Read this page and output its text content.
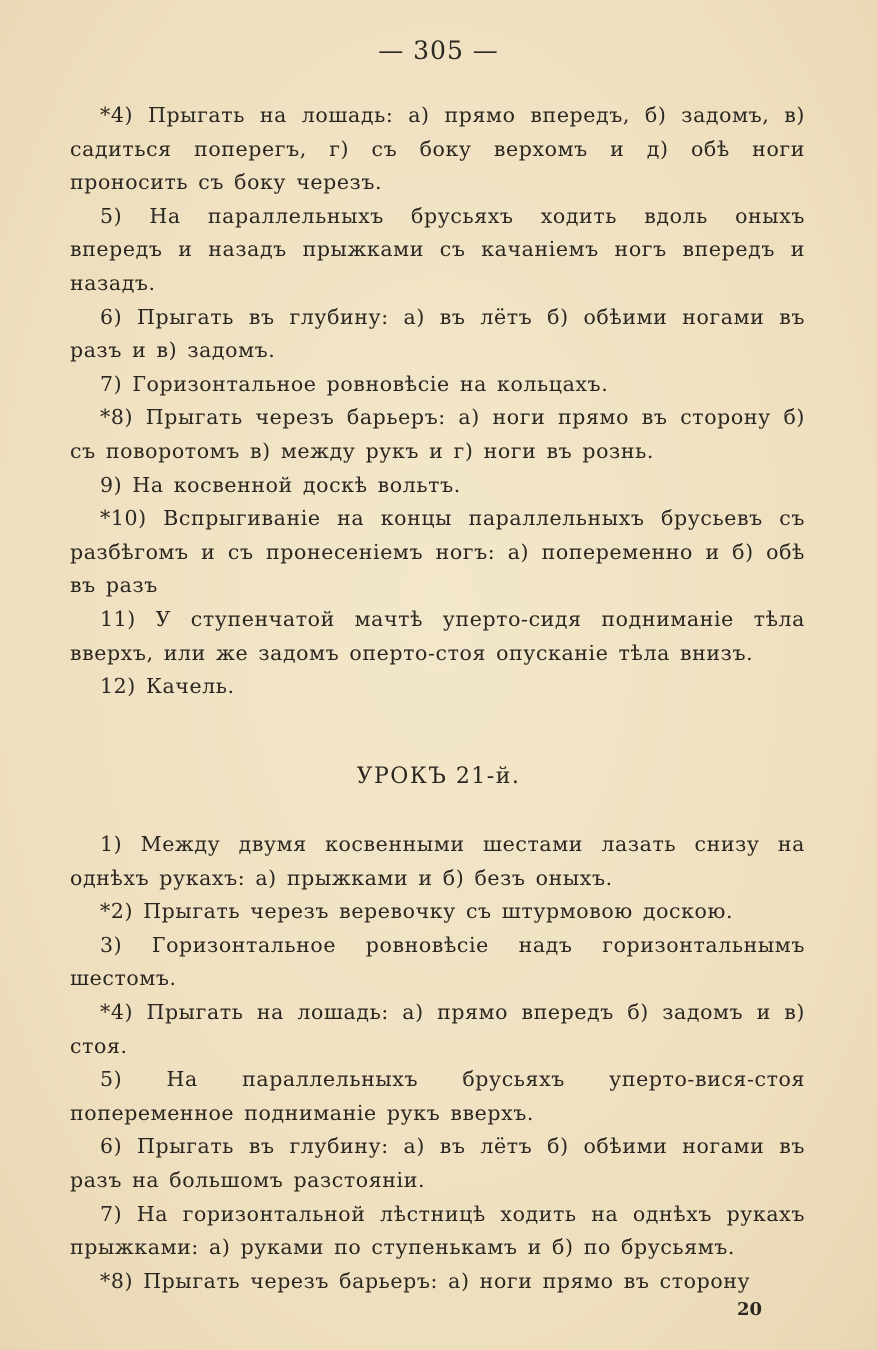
— 305 —

*4) Прыгать на лошадь: а) прямо впередъ, б) задомъ, в) садиться поперегъ, г) съ боку верхомъ и д) обѣ ноги проносить съ боку черезъ.

5) На параллельныхъ брусьяхъ ходить вдоль оныхъ впередъ и назадъ прыжками съ качаніемъ ногъ впередъ и назадъ.

6) Прыгать въ глубину: а) въ лётъ б) обѣими ногами въ разъ и в) задомъ.

7) Горизонтальное ровновѣсіе на кольцахъ.

*8) Прыгать черезъ барьеръ: а) ноги прямо въ сторону б) съ поворотомъ в) между рукъ и г) ноги въ рознь.

9) На косвенной доскѣ вольтъ.

*10) Вспрыгиваніе на концы параллельныхъ брусьевъ съ разбѣгомъ и съ пронесеніемъ ногъ: а) попеременно и б) обѣ въ разъ

11) У ступенчатой мачтѣ уперто-сидя подниманіе тѣла вверхъ, или же задомъ оперто-стоя опусканіе тѣла внизъ.

12) Качель.

УРОКЪ 21-й.

1) Между двумя косвенными шестами лазать снизу на однѣхъ рукахъ: а) прыжками и б) безъ оныхъ.

*2) Прыгать черезъ веревочку съ штурмовою доскою.

3) Горизонтальное ровновѣсіе надъ горизонтальнымъ шестомъ.

*4) Прыгать на лошадь: а) прямо впередъ б) задомъ и в) стоя.

5) На параллельныхъ брусьяхъ уперто-вися-стоя попеременное подниманіе рукъ вверхъ.

6) Прыгать въ глубину: а) въ лётъ б) обѣими ногами въ разъ на большомъ разстояніи.

7) На горизонтальной лѣстницѣ ходить на однѣхъ рукахъ прыжками: а) руками по ступенькамъ и б) по брусьямъ.

*8) Прыгать черезъ барьеръ: а) ноги прямо въ сторону

20
